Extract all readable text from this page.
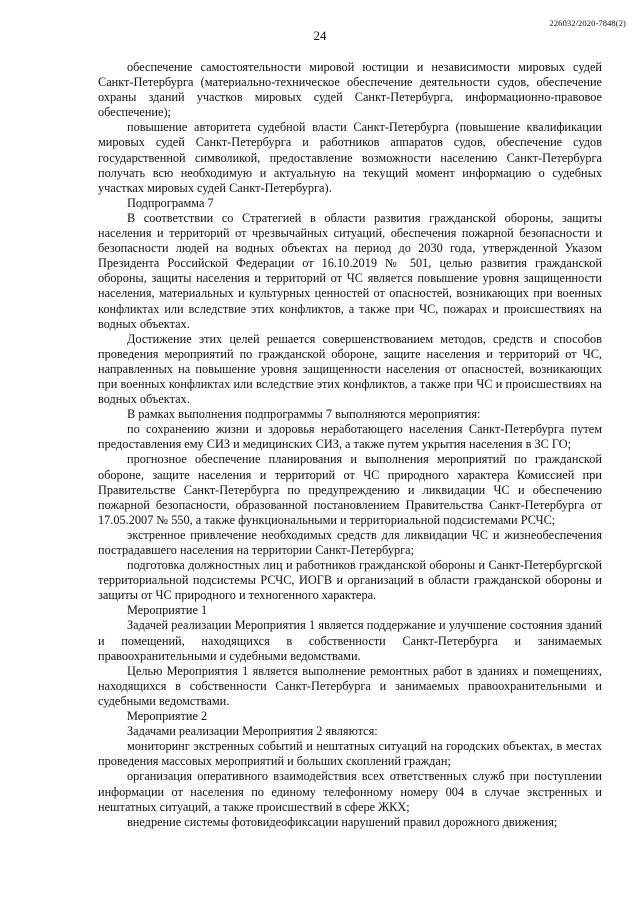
226032/2020-7848(2)
24

обеспечение самостоятельности мировой юстиции и независимости мировых судей Санкт-Петербурга (материально-техническое обеспечение деятельности судов, обеспечение охраны зданий участков мировых судей Санкт-Петербурга, информационно-правовое обеспечение);

повышение авторитета судебной власти Санкт-Петербурга (повышение квалификации мировых судей Санкт-Петербурга и работников аппаратов судов, обеспечение судов государственной символикой, предоставление возможности населению Санкт-Петербурга получать всю необходимую и актуальную на текущий момент информацию о судебных участках мировых судей Санкт-Петербурга).

Подпрограмма 7

В соответствии со Стратегией в области развития гражданской обороны, защиты населения и территорий от чрезвычайных ситуаций, обеспечения пожарной безопасности и безопасности людей на водных объектах на период до 2030 года, утвержденной Указом Президента Российской Федерации от 16.10.2019 № 501, целью развития гражданской обороны, защиты населения и территорий от ЧС является повышение уровня защищенности населения, материальных и культурных ценностей от опасностей, возникающих при военных конфликтах или вследствие этих конфликтов, а также при ЧС, пожарах и происшествиях на водных объектах.

Достижение этих целей решается совершенствованием методов, средств и способов проведения мероприятий по гражданской обороне, защите населения и территорий от ЧС, направленных на повышение уровня защищенности населения от опасностей, возникающих при военных конфликтах или вследствие этих конфликтов, а также при ЧС и происшествиях на водных объектах.

В рамках выполнения подпрограммы 7 выполняются мероприятия:

по сохранению жизни и здоровья неработающего населения Санкт-Петербурга путем предоставления ему СИЗ и медицинских СИЗ, а также путем укрытия населения в ЗС ГО;

прогнозное обеспечение планирования и выполнения мероприятий по гражданской обороне, защите населения и территорий от ЧС природного характера Комиссией при Правительстве Санкт-Петербурга по предупреждению и ликвидации ЧС и обеспечению пожарной безопасности, образованной постановлением Правительства Санкт-Петербурга от 17.05.2007 № 550, а также функциональными и территориальной подсистемами РСЧС;

экстренное привлечение необходимых средств для ликвидации ЧС и жизнеобеспечения пострадавшего населения на территории Санкт-Петербурга;

подготовка должностных лиц и работников гражданской обороны и Санкт-Петербургской территориальной подсистемы РСЧС, ИОГВ и организаций в области гражданской обороны и защиты от ЧС природного и техногенного характера.

Мероприятие 1

Задачей реализации Мероприятия 1 является поддержание и улучшение состояния зданий и помещений, находящихся в собственности Санкт-Петербурга и занимаемых правоохранительными и судебными ведомствами.

Целью Мероприятия 1 является выполнение ремонтных работ в зданиях и помещениях, находящихся в собственности Санкт-Петербурга и занимаемых правоохранительными и судебными ведомствами.

Мероприятие 2

Задачами реализации Мероприятия 2 являются:

мониторинг экстренных событий и нештатных ситуаций на городских объектах, в местах проведения массовых мероприятий и больших скоплений граждан;

организация оперативного взаимодействия всех ответственных служб при поступлении информации от населения по единому телефонному номеру 004 в случае экстренных и нештатных ситуаций, а также происшествий в сфере ЖКХ;

внедрение системы фотовидеофиксации нарушений правил дорожного движения;
